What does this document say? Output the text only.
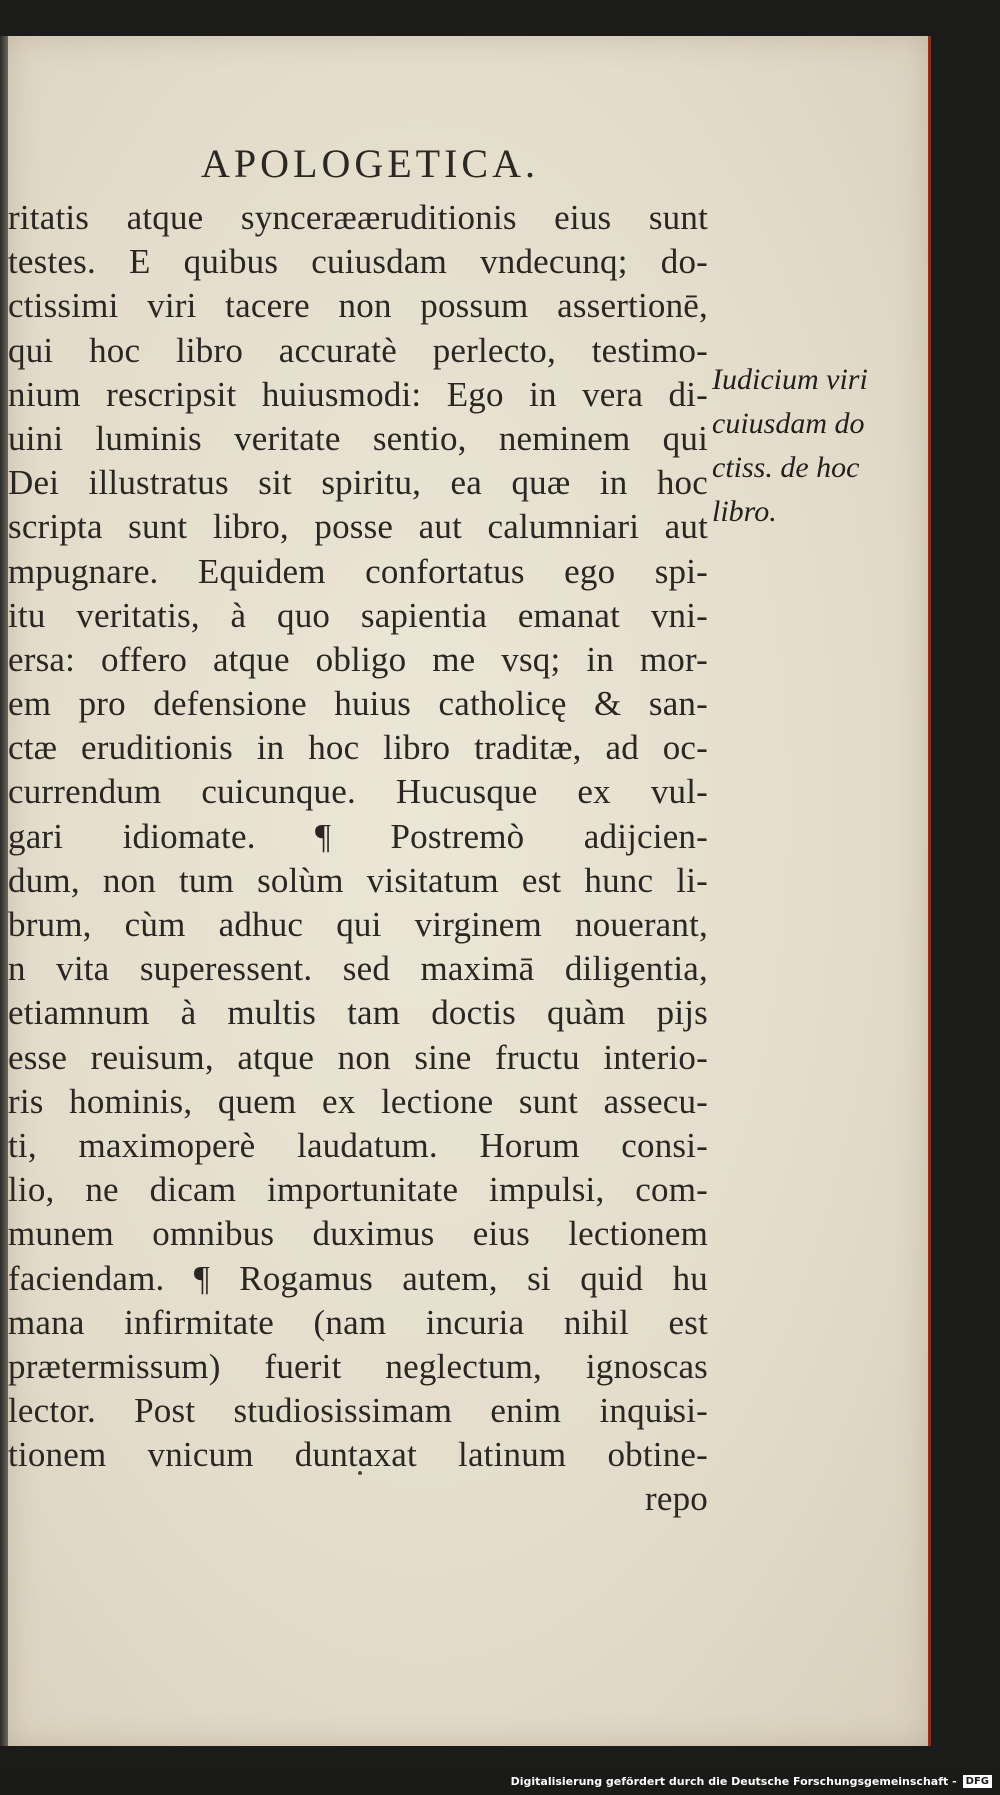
APOLOGETICA.
ritatis atque syncerææruditionis eius sunt
testes. E quibus cuiusdam vndecunq; do-
ctissimi viri tacere non possum assertionē,
qui hoc libro accuratè perlecto, testimo-
nium rescripsit huiusmodi: Ego in vera di-
uini luminis veritate sentio, neminem qui
Dei illustratus sit spiritu, ea quæ in hoc
scripta sunt libro, posse aut calumniari aut
mpugnare. Equidem confortatus ego spi-
itu veritatis, à quo sapientia emanat vni-
ersa: offero atque obligo me vsq; in mor-
em pro defensione huius catholicę & san-
ctæ eruditionis in hoc libro traditæ, ad oc-
currendum cuicunque. Hucusque ex vul-
gari idiomate. ¶ Postremò adijcien-
dum, non tum solùm visitatum est hunc li-
brum, cùm adhuc qui virginem nouerant,
n vita superessent. sed maximā diligentia,
etiamnum à multis tam doctis quàm pijs
esse reuisum, atque non sine fructu interio-
ris hominis, quem ex lectione sunt assecu-
ti, maximoperè laudatum. Horum consi-
lio, ne dicam importunitate impulsi, com-
munem omnibus duximus eius lectionem
faciendam. ¶ Rogamus autem, si quid hu
mana infirmitate (nam incuria nihil est
prætermissum) fuerit neglectum, ignoscas
lector. Post studiosissimam enim inquisi-
tionem vnicum duntaxat latinum obtine-
repo
Iudicium viri
cuiusdam do
ctiss. de hoc
libro.
Digitalisierung gefördert durch die Deutsche Forschungsgemeinschaft - DFG
